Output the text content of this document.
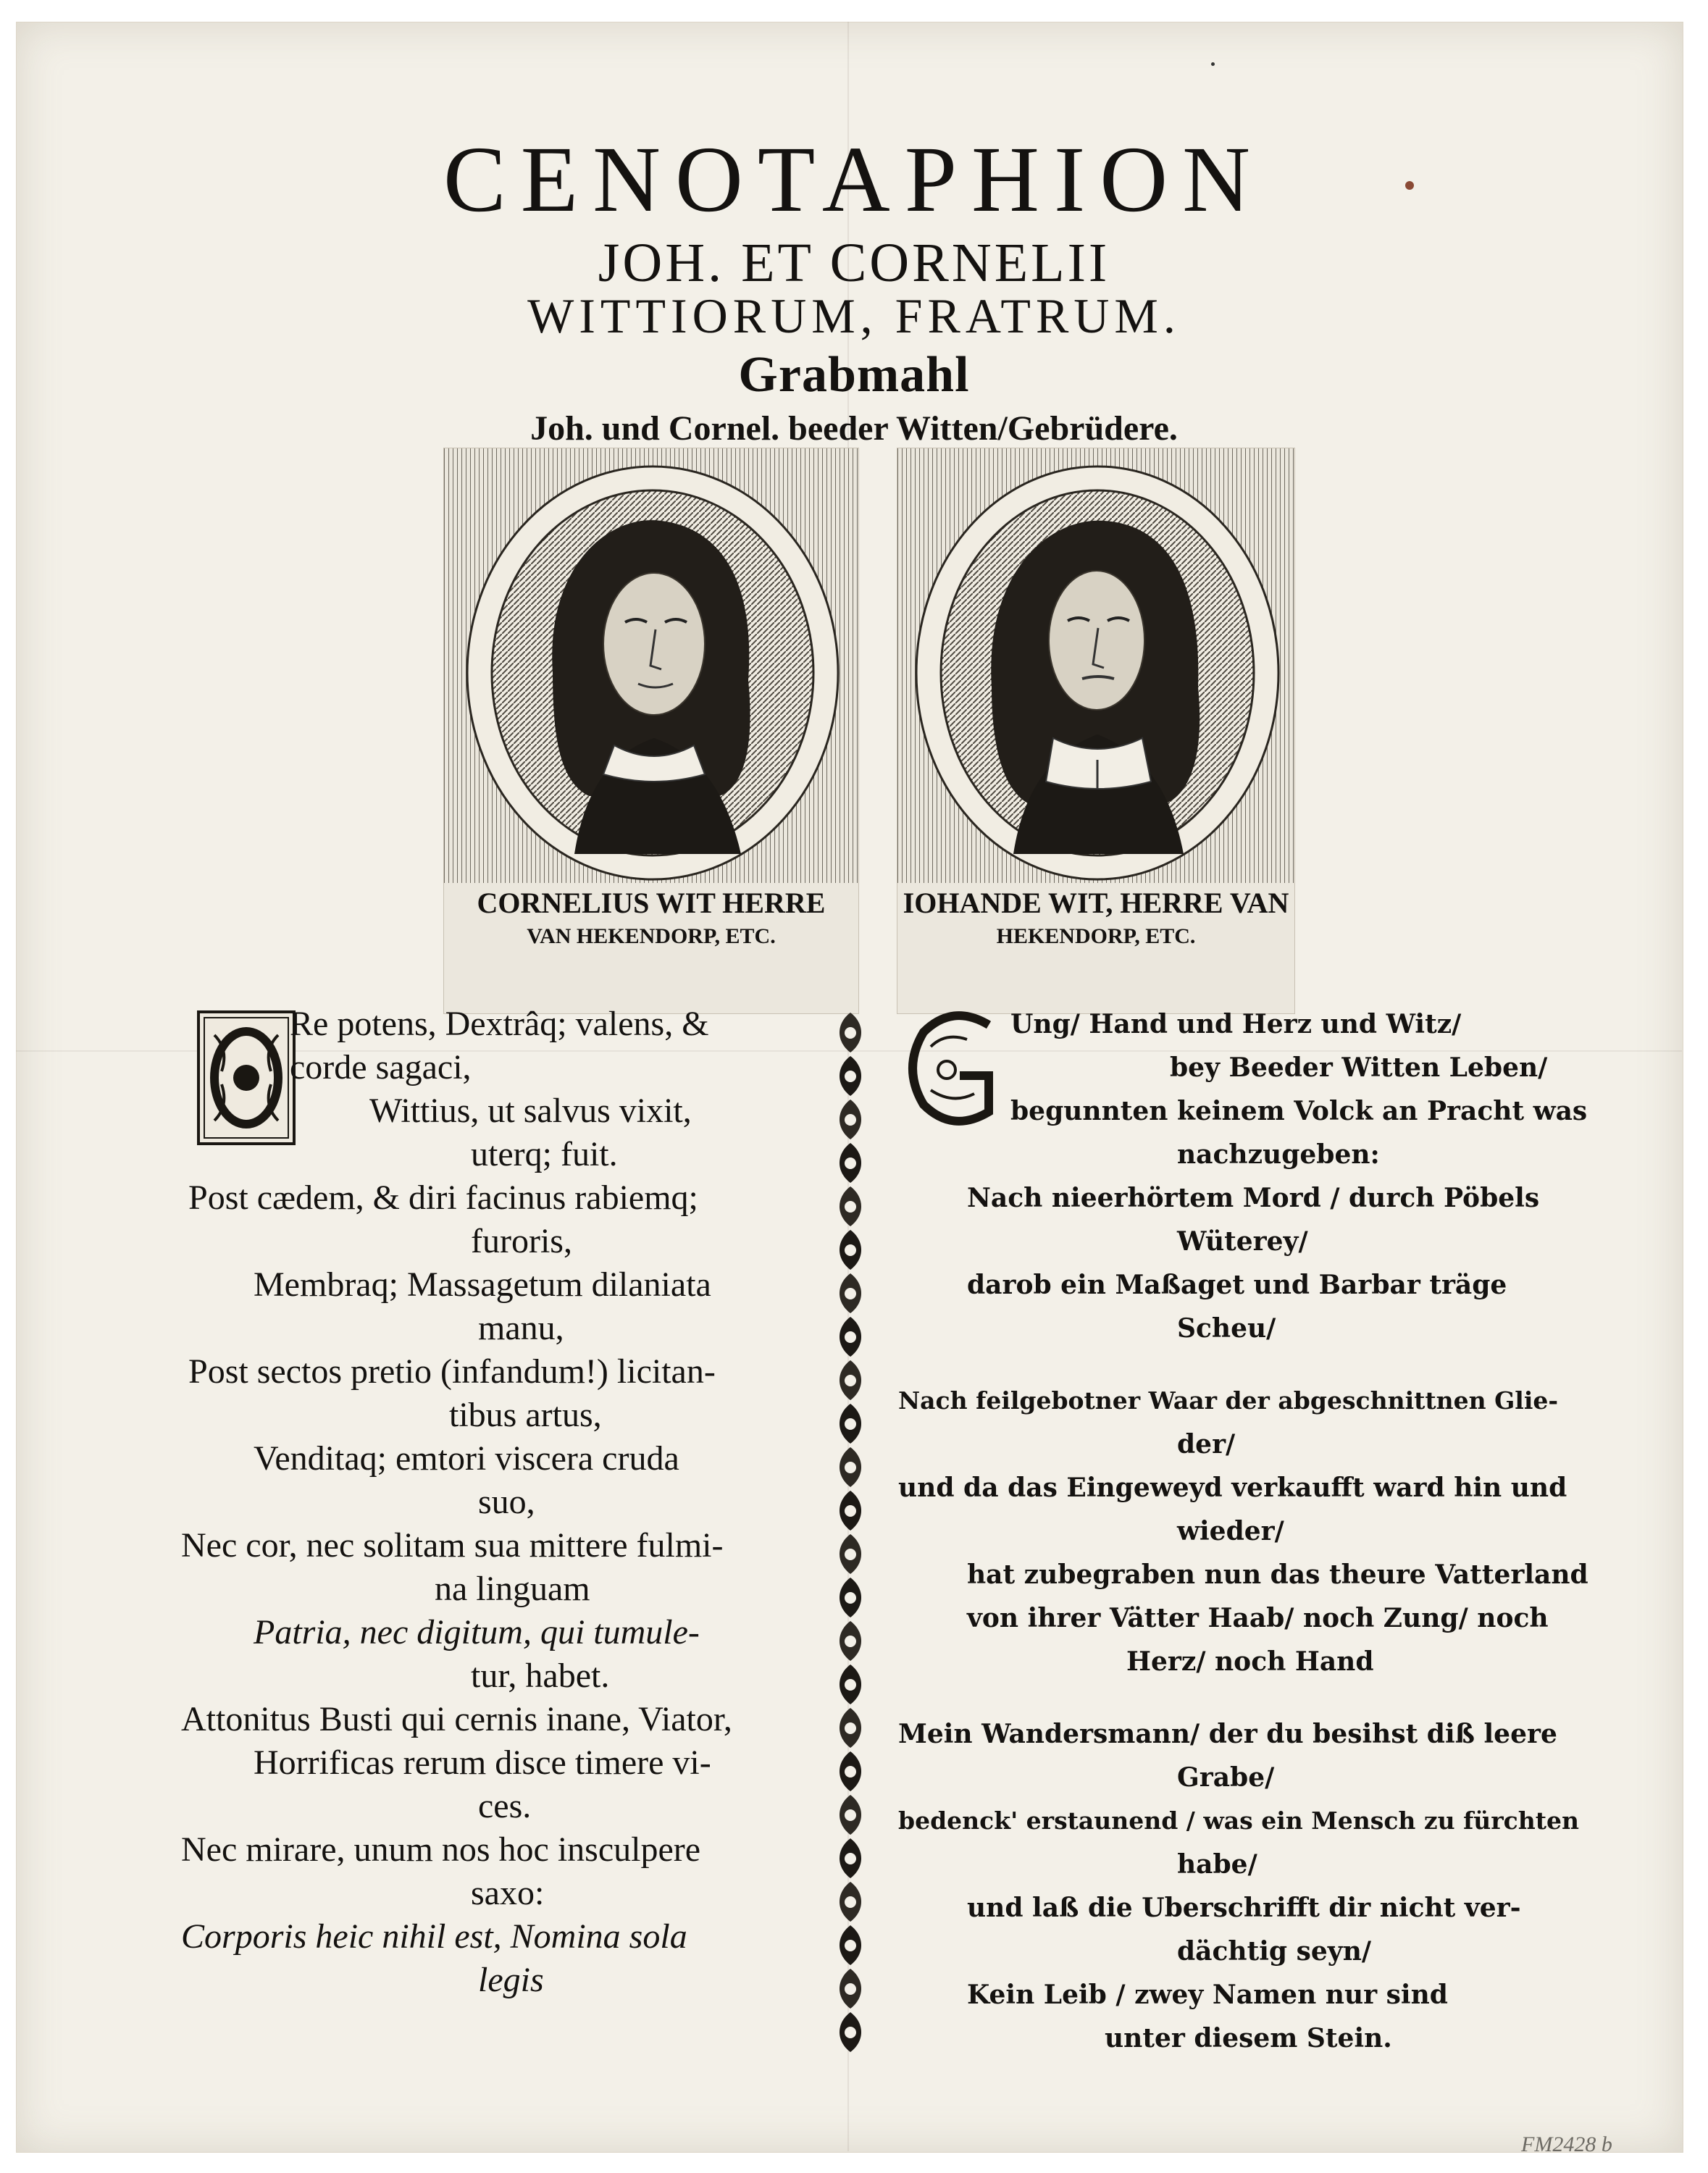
CENOTAPHION
JOH. ET CORNELII
WITTIORUM, FRATRUM.
Grabmahl
Joh. und Cornel. beeder Witten/Gebrüdere.

CORNELIUS WIT HERRE

VAN HEKENDORP, ETC.

IOHANDE WIT, HERRE VAN

HEKENDORP, ETC.

Re potens, Dextrâq; valens, &
corde sagaci,
Wittius, ut salvus vixit,
uterq; fuit.
Post cædem, & diri facinus rabiemq;
furoris,
Membraq; Massagetum dilaniata
manu,
Post sectos pretio (infandum!) licitan-
tibus artus,
Venditaq; emtori viscera cruda
suo,
Nec cor, nec solitam sua mittere fulmi-
na linguam
Patria, nec digitum, qui tumule-
tur, habet.
Attonitus Busti qui cernis inane, Viator,
Horrificas rerum disce timere vi-
ces.
Nec mirare, unum nos hoc insculpere
saxo:
Corporis heic nihil est, Nomina sola
legis
Ung/ Hand und Herz und Witz/
bey Beeder Witten Leben/
begunnten keinem Volck an Pracht was
nachzugeben:
Nach nieerhörtem Mord / durch Pöbels
Wüterey/
darob ein Maßaget und Barbar träge
Scheu/
Nach feilgebotner Waar der abgeschnittnen Glie-
der/
und da das Eingeweyd verkaufft ward hin und
wieder/
hat zubegraben nun das theure Vatterland
von ihrer Vätter Haab/ noch Zung/ noch
Herz/ noch Hand
Mein Wandersmann/ der du besihst diß leere
Grabe/
bedenck' erstaunend / was ein Mensch zu fürchten
habe/
und laß die Uberschrifft dir nicht ver-
dächtig seyn/
Kein Leib / zwey Namen nur sind
unter diesem Stein.

FM2428 b
